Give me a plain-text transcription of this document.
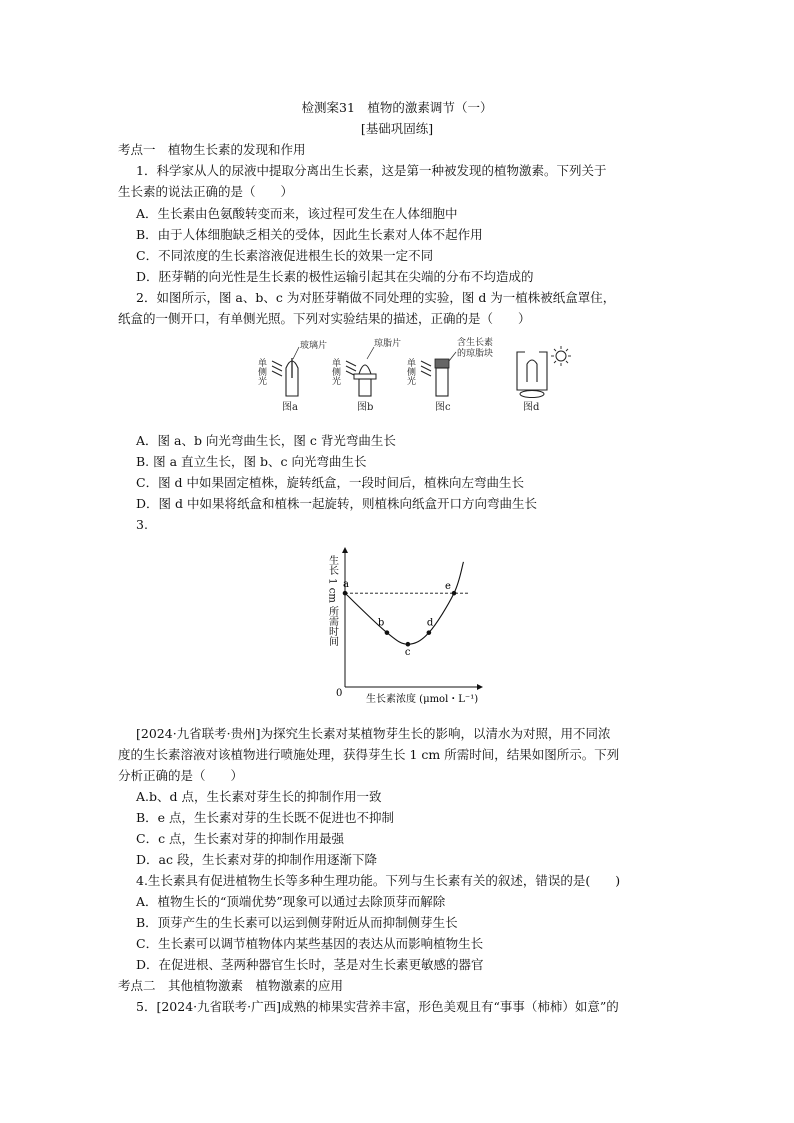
检测案31　植物的激素调节（一）
[基础巩固练]
考点一　植物生长素的发现和作用
1．科学家从人的尿液中提取分离出生长素，这是第一种被发现的植物激素。下列关于
生长素的说法正确的是（　　）
A．生长素由色氨酸转变而来，该过程可发生在人体细胞中
B．由于人体细胞缺乏相关的受体，因此生长素对人体不起作用
C．不同浓度的生长素溶液促进根生长的效果一定不同
D．胚芽鞘的向光性是生长素的极性运输引起其在尖端的分布不均造成的
2．如图所示，图 a、b、c 为对胚芽鞘做不同处理的实验，图 d 为一植株被纸盒罩住，
纸盒的一侧开口，有单侧光照。下列对实验结果的描述，正确的是（　　）
单侧光
玻璃片
图a
单侧光
琼脂片
图b
单侧光
含生长素
的琼脂块
图c	图d
A．图 a、b 向光弯曲生长，图 c 背光弯曲生长
B. 图 a 直立生长，图 b、c 向光弯曲生长
C．图 d 中如果固定植株，旋转纸盒，一段时间后，植株向左弯曲生长
D．图 d 中如果将纸盒和植株一起旋转，则植株向纸盒开口方向弯曲生长
3.
0
生长 1 cm 所需时间
生长素浓度 (μmol・L⁻¹)
a
b
c
d
e
[2024·九省联考·贵州]为探究生长素对某植物芽生长的影响，以清水为对照，用不同浓
度的生长素溶液对该植物进行喷施处理，获得芽生长 1 cm 所需时间，结果如图所示。下列
分析正确的是（　　）
A.b、d 点，生长素对芽生长的抑制作用一致
B．e 点，生长素对芽的生长既不促进也不抑制
C．c 点，生长素对芽的抑制作用最强
D．ac 段，生长素对芽的抑制作用逐渐下降
4.生长素具有促进植物生长等多种生理功能。下列与生长素有关的叙述，错误的是(　　)
A．植物生长的“顶端优势”现象可以通过去除顶芽而解除
B．顶芽产生的生长素可以运到侧芽附近从而抑制侧芽生长
C．生长素可以调节植物体内某些基因的表达从而影响植物生长
D．在促进根、茎两种器官生长时，茎是对生长素更敏感的器官
考点二　其他植物激素　植物激素的应用
5．[2024·九省联考·广西]成熟的柿果实营养丰富，形色美观且有“事事（柿柿）如意”的
